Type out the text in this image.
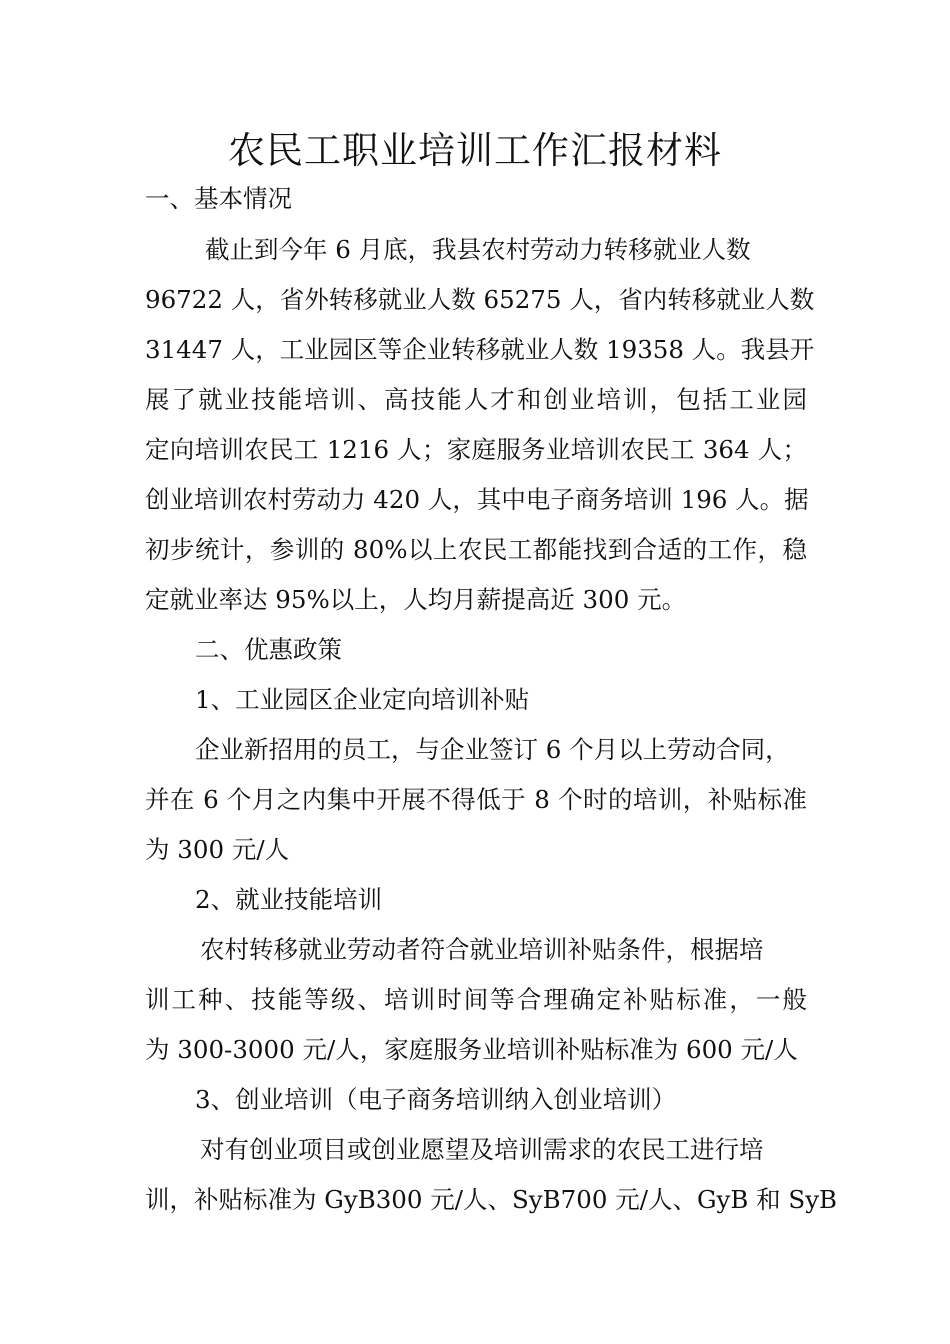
农民工职业培训工作汇报材料

一、基本情况

截止到今年 6 月底，我县农村劳动力转移就业人数

96722 人，省外转移就业人数 65275 人，省内转移就业人数

31447 人，工业园区等企业转移就业人数 19358 人。我县开

展了就业技能培训、高技能人才和创业培训，包括工业园

定向培训农民工 1216 人；家庭服务业培训农民工 364 人；

创业培训农村劳动力 420 人，其中电子商务培训 196 人。据

初步统计，参训的 80%以上农民工都能找到合适的工作，稳

定就业率达 95%以上，人均月薪提高近 300 元。

二、优惠政策

1、工业园区企业定向培训补贴

企业新招用的员工，与企业签订 6 个月以上劳动合同，

并在 6 个月之内集中开展不得低于 8 个时的培训，补贴标准

为 300 元/人

2、就业技能培训

农村转移就业劳动者符合就业培训补贴条件，根据培

训工种、技能等级、培训时间等合理确定补贴标准，一般

为 300-3000 元/人，家庭服务业培训补贴标准为 600 元/人

3、创业培训（电子商务培训纳入创业培训）

对有创业项目或创业愿望及培训需求的农民工进行培

训，补贴标准为 GyB300 元/人、SyB700 元/人、GyB 和 SyB
